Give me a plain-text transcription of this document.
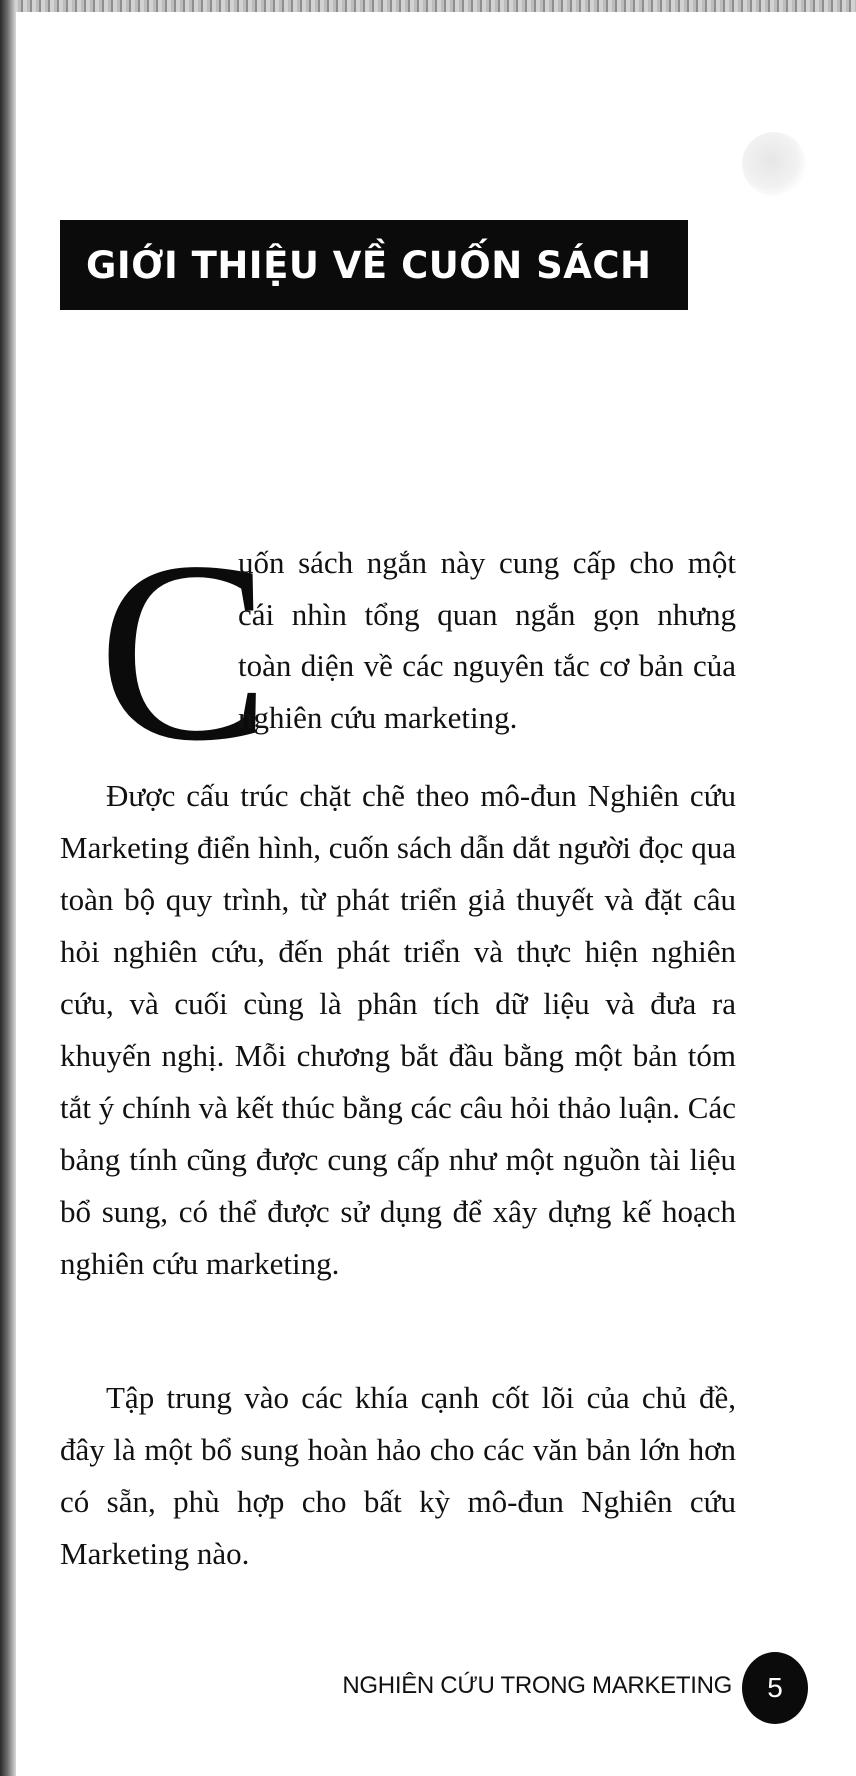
GIỚI THIỆU VỀ CUỐN SÁCH
C

uốn sách ngắn này cung cấp cho một cái nhìn tổng quan ngắn gọn nhưng toàn diện về các nguyên tắc cơ bản của nghiên cứu marketing.

Được cấu trúc chặt chẽ theo mô-đun Nghiên cứu Marketing điển hình, cuốn sách dẫn dắt người đọc qua toàn bộ quy trình, từ phát triển giả thuyết và đặt câu hỏi nghiên cứu, đến phát triển và thực hiện nghiên cứu, và cuối cùng là phân tích dữ liệu và đưa ra khuyến nghị. Mỗi chương bắt đầu bằng một bản tóm tắt ý chính và kết thúc bằng các câu hỏi thảo luận. Các bảng tính cũng được cung cấp như một nguồn tài liệu bổ sung, có thể được sử dụng để xây dựng kế hoạch nghiên cứu marketing.

Tập trung vào các khía cạnh cốt lõi của chủ đề, đây là một bổ sung hoàn hảo cho các văn bản lớn hơn có sẵn, phù hợp cho bất kỳ mô-đun Nghiên cứu Marketing nào.

NGHIÊN CỨU TRONG MARKETING 5
